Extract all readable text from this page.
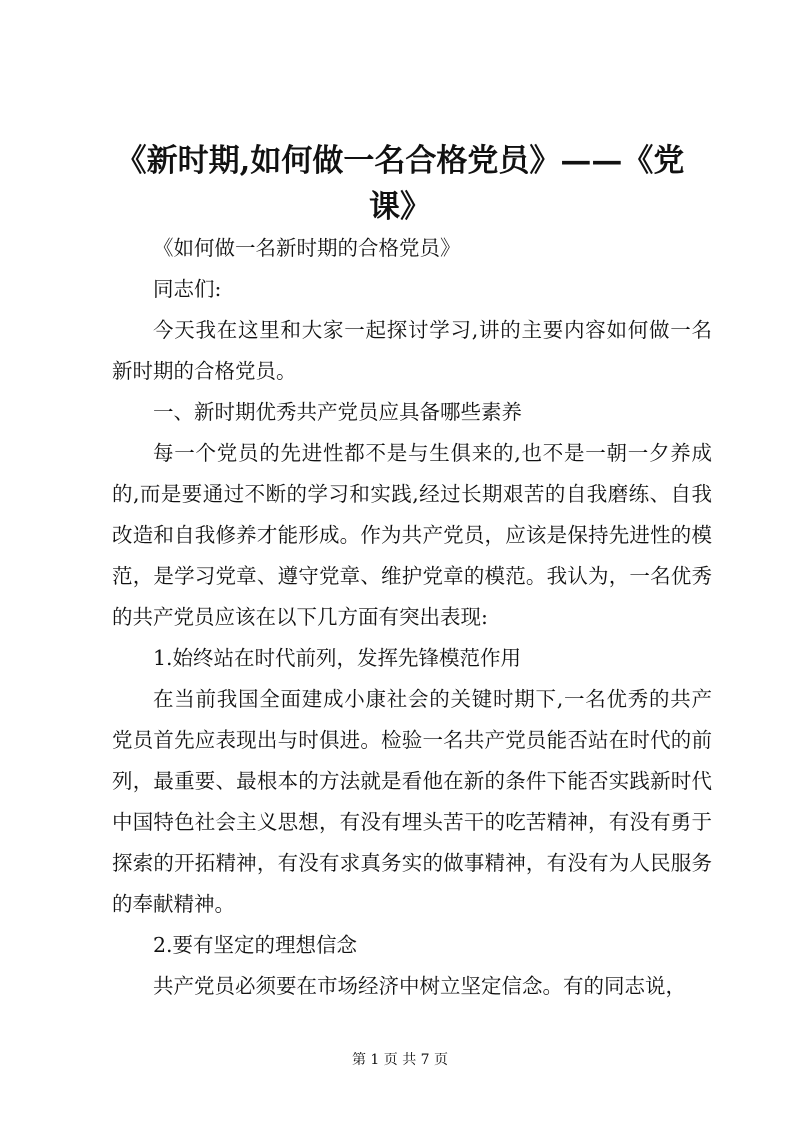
《新时期,如何做一名合格党员》——《党课》

《如何做一名新时期的合格党员》

同志们:

今天我在这里和大家一起探讨学习,讲的主要内容如何做一名新时期的合格党员。

一、新时期优秀共产党员应具备哪些素养

每一个党员的先进性都不是与生俱来的,也不是一朝一夕养成的,而是要通过不断的学习和实践,经过长期艰苦的自我磨练、自我改造和自我修养才能形成。作为共产党员，应该是保持先进性的模范，是学习党章、遵守党章、维护党章的模范。我认为，一名优秀的共产党员应该在以下几方面有突出表现:

1.始终站在时代前列，发挥先锋模范作用

在当前我国全面建成小康社会的关键时期下,一名优秀的共产党员首先应表现出与时俱进。检验一名共产党员能否站在时代的前列，最重要、最根本的方法就是看他在新的条件下能否实践新时代中国特色社会主义思想，有没有埋头苦干的吃苦精神，有没有勇于探索的开拓精神，有没有求真务实的做事精神，有没有为人民服务的奉献精神。

2.要有坚定的理想信念

共产党员必须要在市场经济中树立坚定信念。有的同志说，

第 1 页 共 7 页
